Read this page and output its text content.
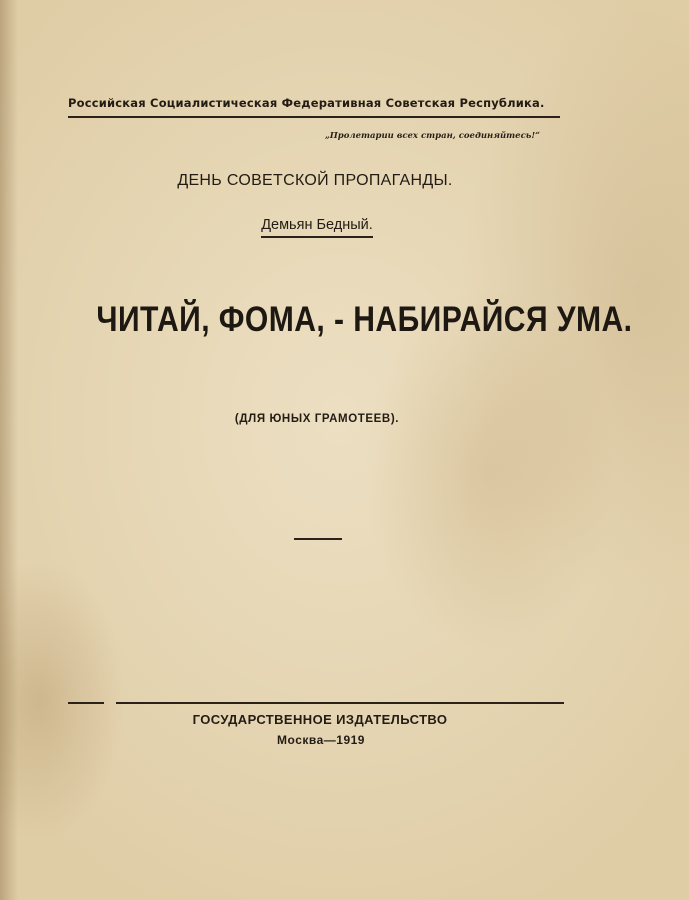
Российская Социалистическая Федеративная Советская Республика.
„Пролетарии всех стран, соединяйтесь!“
ДЕНЬ СОВЕТСКОЙ ПРОПАГАНДЫ.
Демьян Бедный.
ЧИТАЙ, ФОМА, - НАБИРАЙСЯ УМА.
(ДЛЯ ЮНЫХ ГРАМОТЕЕВ).
ГОСУДАРСТВЕННОЕ ИЗДАТЕЛЬСТВО
Москва—1919
